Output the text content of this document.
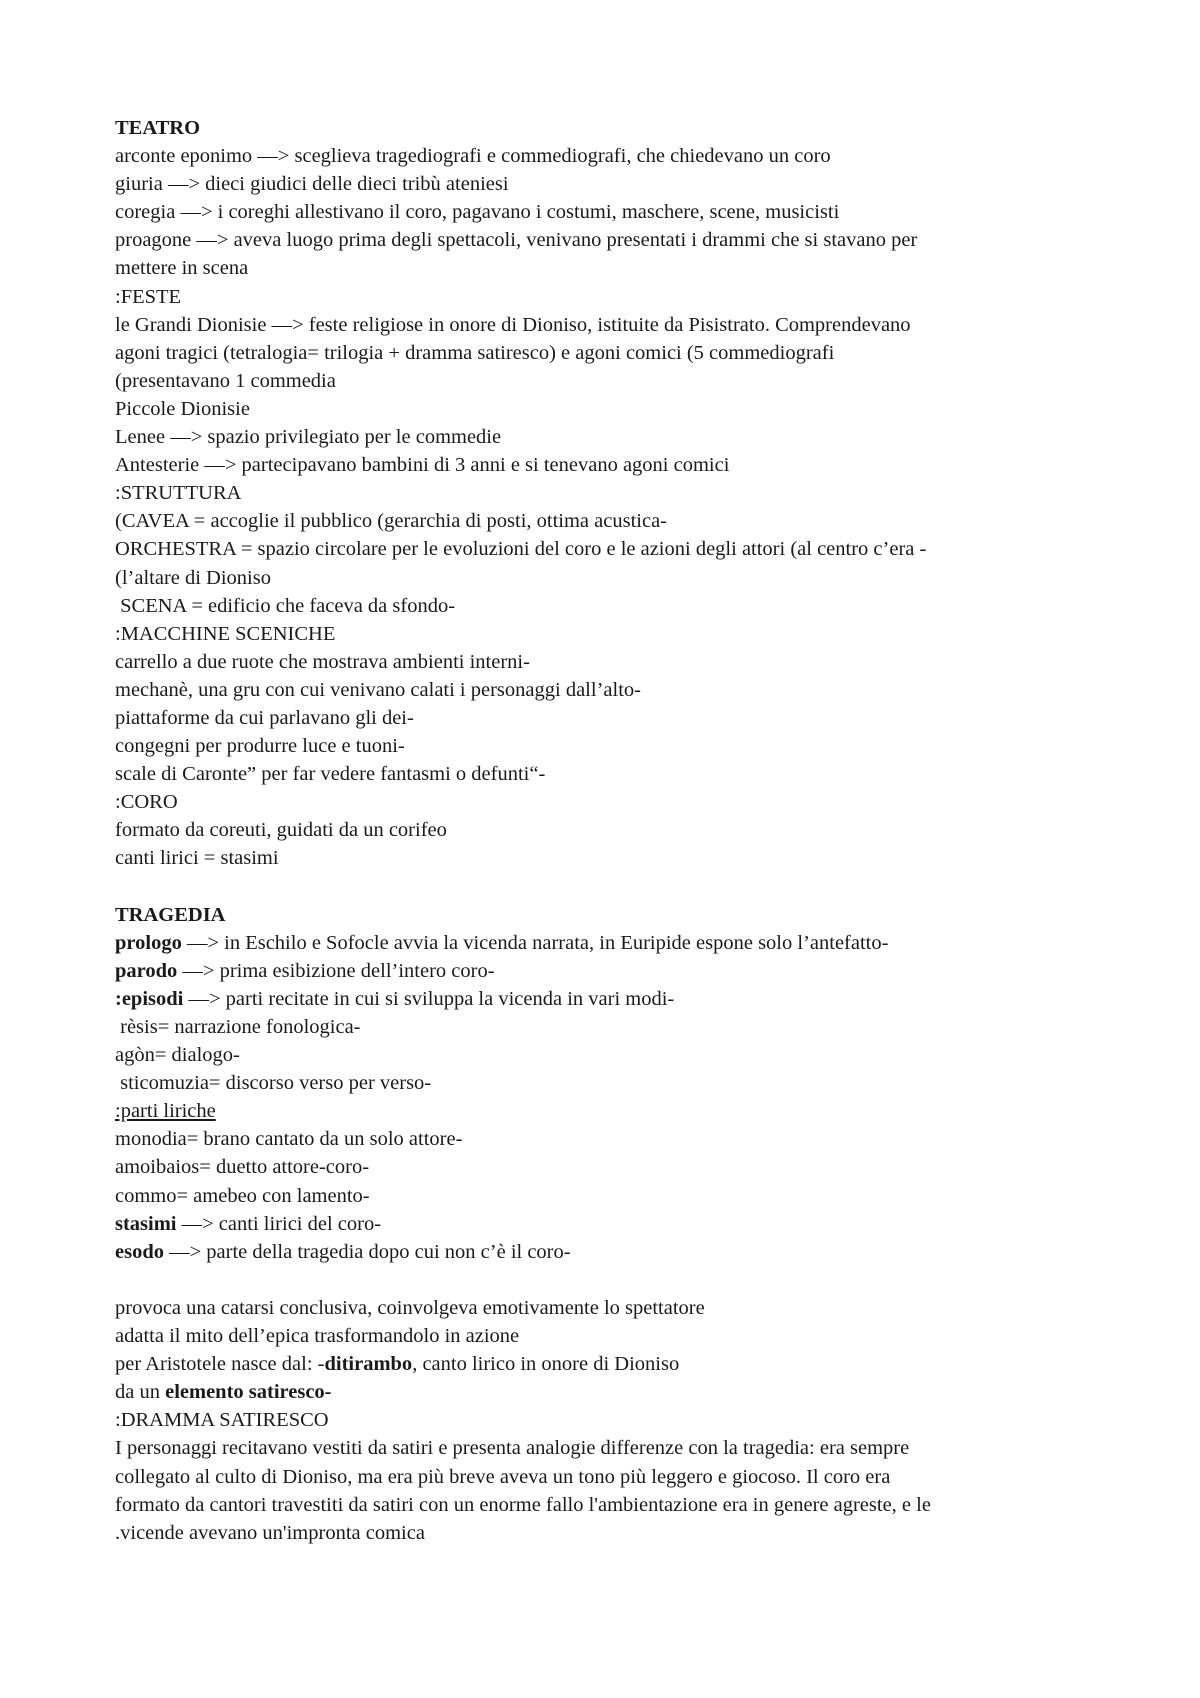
TEATRO
arconte eponimo —> sceglieva tragediografi e commediografi, che chiedevano un coro
giuria —> dieci giudici delle dieci tribù ateniesi
coregia —> i coreghi allestivano il coro, pagavano i costumi, maschere, scene, musicisti
proagone —> aveva luogo prima degli spettacoli, venivano presentati i drammi che si stavano per
mettere in scena
:FESTE
le Grandi Dionisie —> feste religiose in onore di Dioniso, istituite da Pisistrato. Comprendevano
agoni tragici (tetralogia= trilogia + dramma satiresco) e agoni comici (5 commediografi
(presentavano 1 commedia
Piccole Dionisie
Lenee —> spazio privilegiato per le commedie
Antesterie —> partecipavano bambini di 3 anni e si tenevano agoni comici
:STRUTTURA
(CAVEA = accoglie il pubblico (gerarchia di posti, ottima acustica-
ORCHESTRA = spazio circolare per le evoluzioni del coro e le azioni degli attori (al centro c’era -
(l’altare di Dioniso
SCENA = edificio che faceva da sfondo-
:MACCHINE SCENICHE
carrello a due ruote che mostrava ambienti interni-
mechanè, una gru con cui venivano calati i personaggi dall’alto-
piattaforme da cui parlavano gli dei-
congegni per produrre luce e tuoni-
scale di Caronte” per far vedere fantasmi o defunti“-
:CORO
formato da coreuti, guidati da un corifeo
canti lirici = stasimi
TRAGEDIA
prologo —> in Eschilo e Sofocle avvia la vicenda narrata, in Euripide espone solo l’antefatto-
parodo —> prima esibizione dell’intero coro-
:episodi —> parti recitate in cui si sviluppa la vicenda in vari modi-
rèsis= narrazione fonologica-
agòn= dialogo-
sticomuzia= discorso verso per verso-
:parti liriche
monodia= brano cantato da un solo attore-
amoibaios= duetto attore-coro-
commo= amebeo con lamento-
stasimi —> canti lirici del coro-
esodo —> parte della tragedia dopo cui non c’è il coro-
provoca una catarsi conclusiva, coinvolgeva emotivamente lo spettatore
adatta il mito dell’epica trasformandolo in azione
per Aristotele nasce dal: -ditirambo, canto lirico in onore di Dioniso
da un elemento satiresco-
:DRAMMA SATIRESCO
I personaggi recitavano vestiti da satiri e presenta analogie differenze con la tragedia: era sempre
collegato al culto di Dioniso, ma era più breve aveva un tono più leggero e giocoso. Il coro era
formato da cantori travestiti da satiri con un enorme fallo l'ambientazione era in genere agreste, e le
.vicende avevano un'impronta comica
